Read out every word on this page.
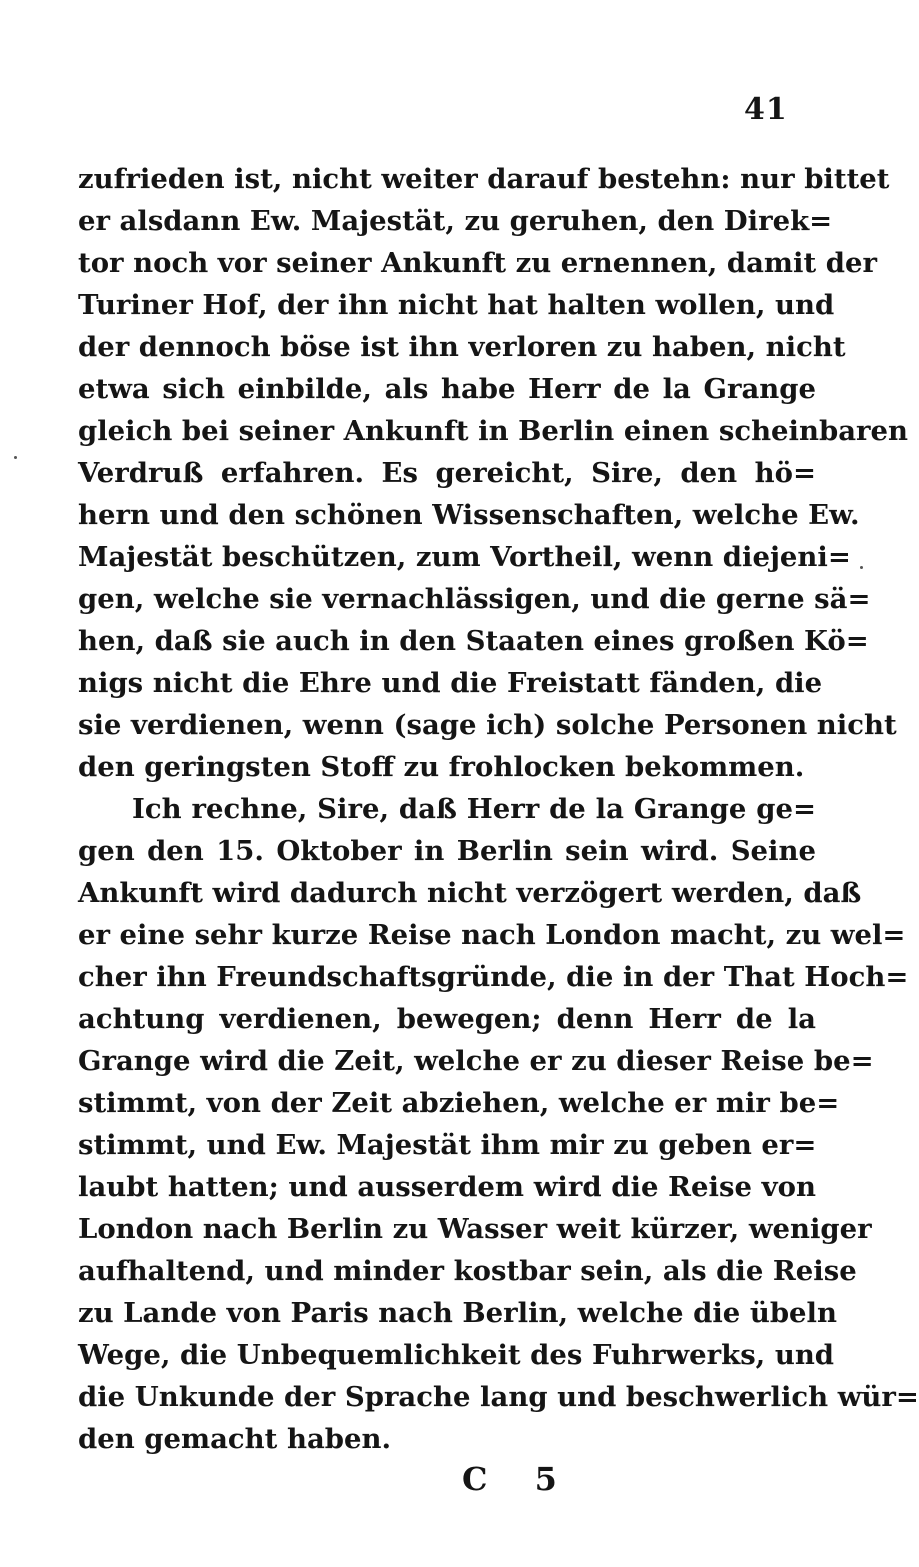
41
zufrieden ist, nicht weiter darauf bestehn: nur bittet
er alsdann Ew. Majestät, zu geruhen, den Direk=
tor noch vor seiner Ankunft zu ernennen, damit der
Turiner Hof, der ihn nicht hat halten wollen, und
der dennoch böse ist ihn verloren zu haben, nicht
etwa sich einbilde, als habe Herr de la Grange
gleich bei seiner Ankunft in Berlin einen scheinbaren
Verdruß erfahren. Es gereicht, Sire, den hö=
hern und den schönen Wissenschaften, welche Ew.
Majestät beschützen, zum Vortheil, wenn diejeni=
gen, welche sie vernachlässigen, und die gerne sä=
hen, daß sie auch in den Staaten eines großen Kö=
nigs nicht die Ehre und die Freistatt fänden, die
sie verdienen, wenn (sage ich) solche Personen nicht
den geringsten Stoff zu frohlocken bekommen.
Ich rechne, Sire, daß Herr de la Grange ge=
gen den 15. Oktober in Berlin sein wird. Seine
Ankunft wird dadurch nicht verzögert werden, daß
er eine sehr kurze Reise nach London macht, zu wel=
cher ihn Freundschaftsgründe, die in der That Hoch=
achtung verdienen, bewegen; denn Herr de la
Grange wird die Zeit, welche er zu dieser Reise be=
stimmt, von der Zeit abziehen, welche er mir be=
stimmt, und Ew. Majestät ihm mir zu geben er=
laubt hatten; und ausserdem wird die Reise von
London nach Berlin zu Wasser weit kürzer, weniger
aufhaltend, und minder kostbar sein, als die Reise
zu Lande von Paris nach Berlin, welche die übeln
Wege, die Unbequemlichkeit des Fuhrwerks, und
die Unkunde der Sprache lang und beschwerlich wür=
den gemacht haben.
C 5
